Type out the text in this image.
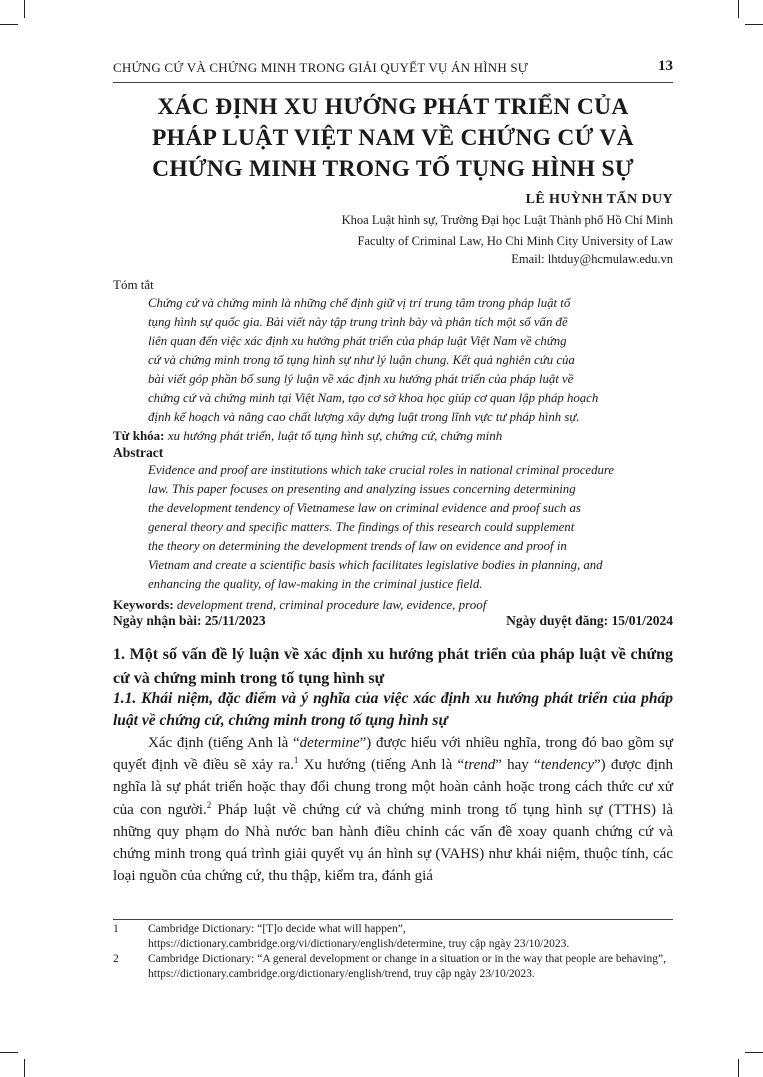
CHỨNG CỨ VÀ CHỨNG MINH TRONG GIẢI QUYẾT VỤ ÁN HÌNH SỰ	13
XÁC ĐỊNH XU HƯỚNG PHÁT TRIỂN CỦA
PHÁP LUẬT VIỆT NAM VỀ CHỨNG CỨ VÀ
CHỨNG MINH TRONG TỐ TỤNG HÌNH SỰ
LÊ HUỲNH TẤN DUY
Khoa Luật hình sự, Trường Đại học Luật Thành phố Hồ Chí Minh
Faculty of Criminal Law, Ho Chi Minh City University of Law
Email: lhtduy@hcmulaw.edu.vn
Tóm tắt
Chứng cứ và chứng minh là những chế định giữ vị trí trung tâm trong pháp luật tố
tụng hình sự quốc gia. Bài viết này tập trung trình bày và phân tích một số vấn đề
liên quan đến việc xác định xu hướng phát triển của pháp luật Việt Nam về chứng
cứ và chứng minh trong tố tụng hình sự như lý luận chung. Kết quả nghiên cứu của
bài viết góp phần bổ sung lý luận về xác định xu hướng phát triển của pháp luật về
chứng cứ và chứng minh tại Việt Nam, tạo cơ sở khoa học giúp cơ quan lập pháp hoạch
định kế hoạch và nâng cao chất lượng xây dựng luật trong lĩnh vực tư pháp hình sự.
Từ khóa: xu hướng phát triển, luật tố tụng hình sự, chứng cứ, chứng minh
Abstract
Evidence and proof are institutions which take crucial roles in national criminal procedure
law. This paper focuses on presenting and analyzing issues concerning determining
the development tendency of Vietnamese law on criminal evidence and proof such as
general theory and specific matters. The findings of this research could supplement
the theory on determining the development trends of law on evidence and proof in
Vietnam and create a scientific basis which facilitates legislative bodies in planning, and
enhancing the quality, of law-making in the criminal justice field.
Keywords: development trend, criminal procedure law, evidence, proof
Ngày nhận bài: 25/11/2023	Ngày duyệt đăng: 15/01/2024
1. Một số vấn đề lý luận về xác định xu hướng phát triển của pháp luật về chứng cứ và chứng minh trong tố tụng hình sự
1.1. Khái niệm, đặc điểm và ý nghĩa của việc xác định xu hướng phát triển của pháp luật về chứng cứ, chứng minh trong tố tụng hình sự
Xác định (tiếng Anh là “determine”) được hiểu với nhiều nghĩa, trong đó bao gồm sự quyết định về điều sẽ xảy ra.$^1$ Xu hướng (tiếng Anh là “trend” hay “tendency”) được định nghĩa là sự phát triển hoặc thay đổi chung trong một hoàn cảnh hoặc trong cách thức cư xử của con người.$^2$ Pháp luật về chứng cứ và chứng minh trong tố tụng hình sự (TTHS) là những quy phạm do Nhà nước ban hành điều chỉnh các vấn đề xoay quanh chứng cứ và chứng minh trong quá trình giải quyết vụ án hình sự (VAHS) như khái niệm, thuộc tính, các loại nguồn của chứng cứ, thu thập, kiểm tra, đánh giá
1	Cambridge Dictionary: “[T]o decide what will happen”, https://dictionary.cambridge.org/vi/dictionary/english/determine, truy cập ngày 23/10/2023.
2	Cambridge Dictionary: “A general development or change in a situation or in the way that people are behaving”, https://dictionary.cambridge.org/dictionary/english/trend, truy cập ngày 23/10/2023.
